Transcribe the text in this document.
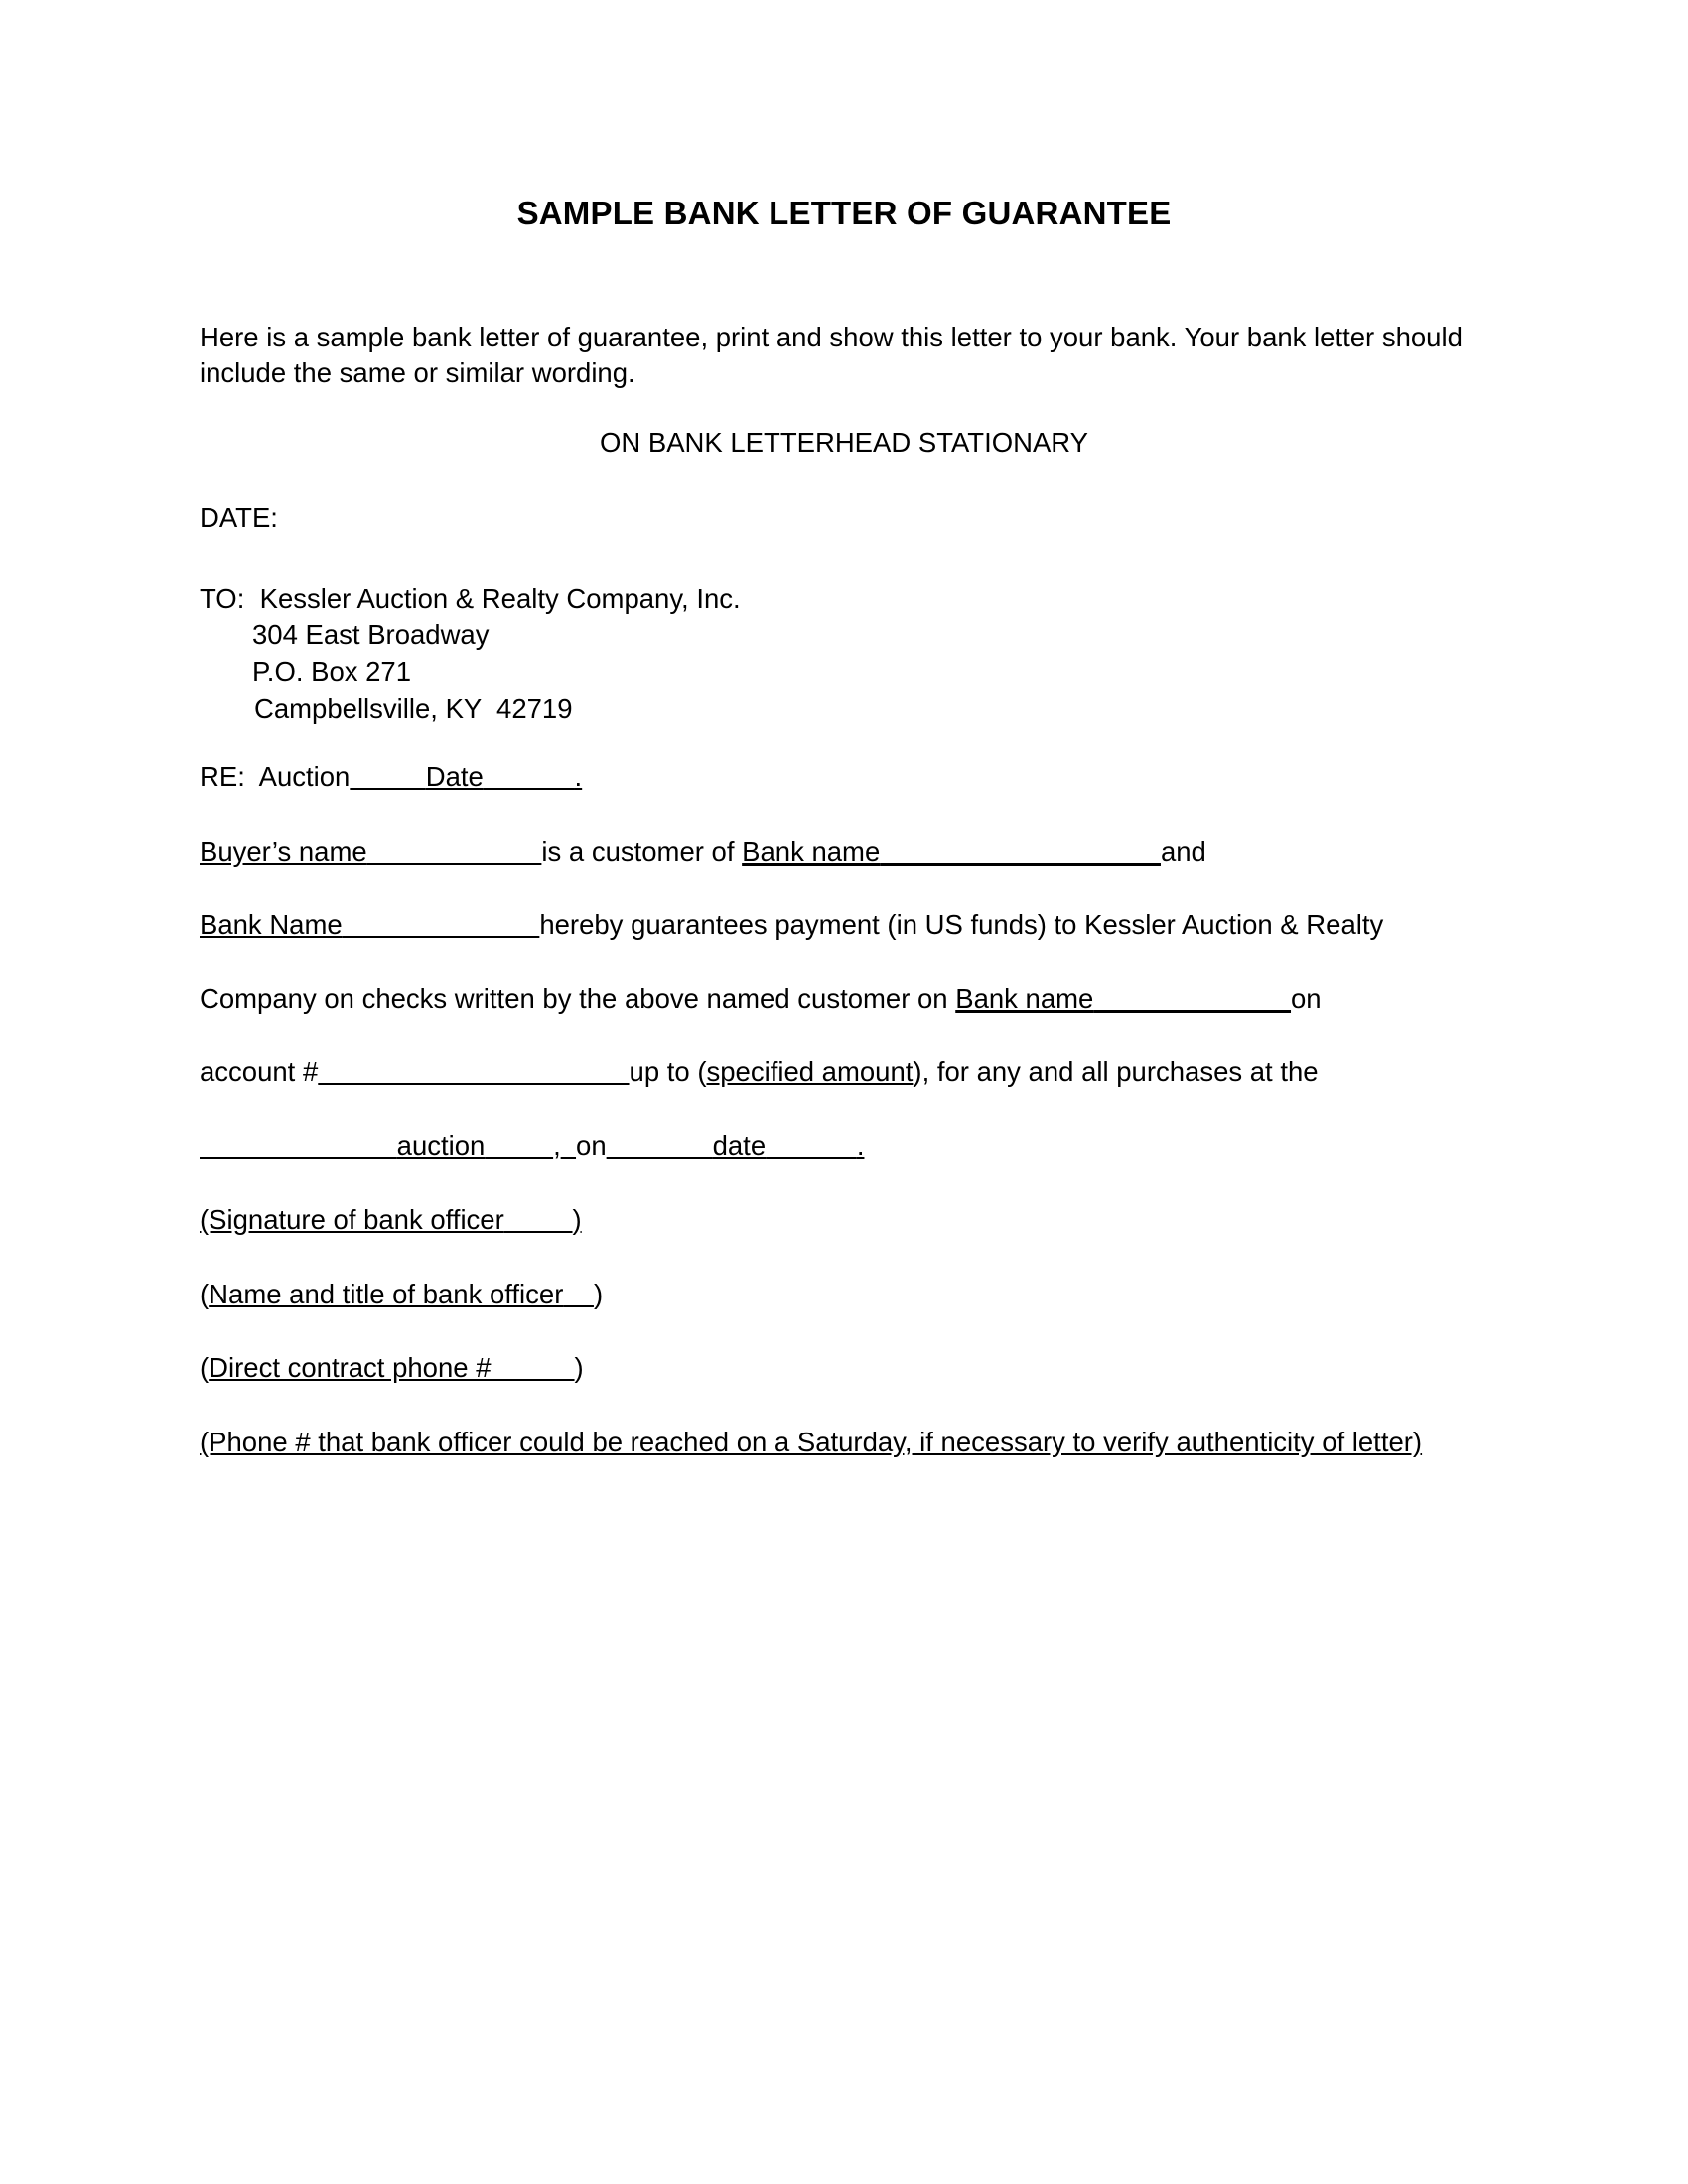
SAMPLE BANK LETTER OF GUARANTEE
Here is a sample bank letter of guarantee, print and show this letter to your bank. Your bank letter should include the same or similar wording.
ON BANK LETTERHEAD STATIONARY
DATE:
TO: Kessler Auction & Realty Company, Inc.
304 East Broadway
P.O. Box 271
Campbellsville, KY  42719
RE: Auction	Date	.
Buyer’s name	is a customer of Bank name	and
Bank Name	hereby guarantees payment (in US funds) to Kessler Auction & Realty
Company on checks written by the above named customer on Bank name	on
account #	up to (specified amount), for any and all purchases at the
auction	, on	date	.
(Signature of bank officer	)
(Name and title of bank officer )
(Direct contract phone #	)
(Phone # that bank officer could be reached on a Saturday, if necessary to verify authenticity of letter)
